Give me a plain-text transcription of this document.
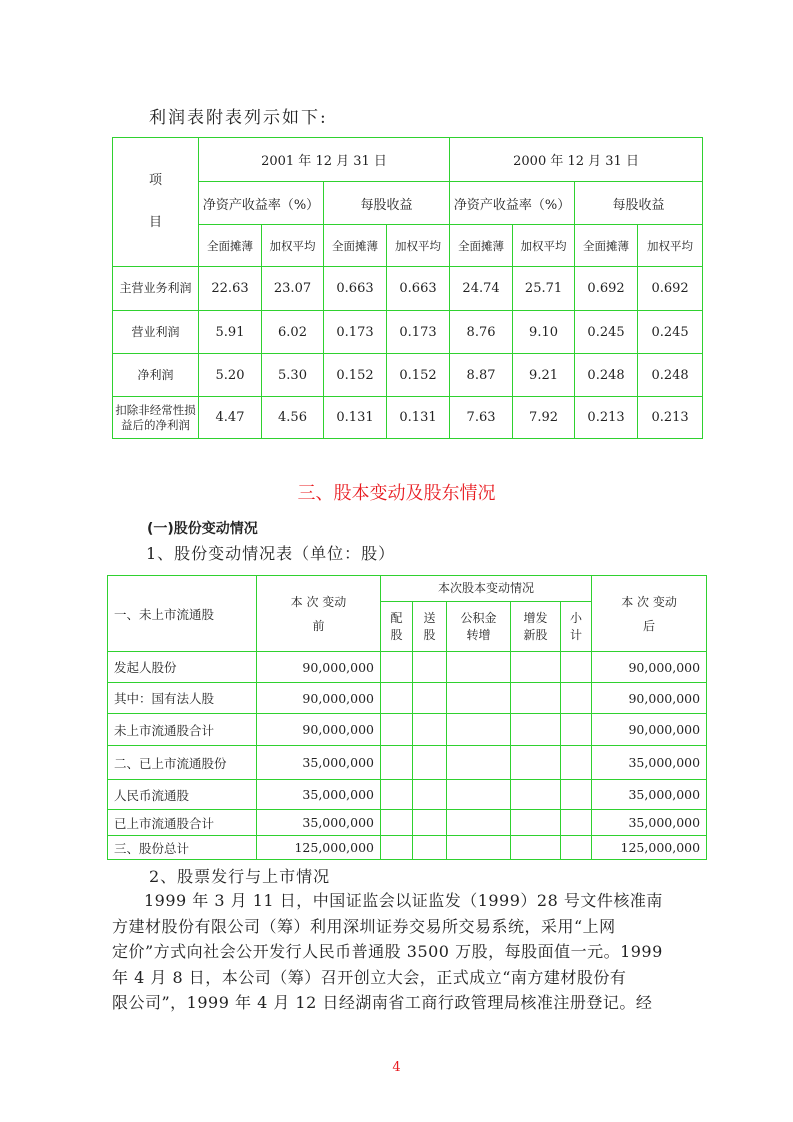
利润表附表列示如下:
项
目	2001 年 12 月 31 日				2000 年 12 月 31 日			
	净资产收益率（%）		每股收益		净资产收益率（%）		每股收益	
	全面摊薄	加权平均	全面摊薄	加权平均	全面摊薄	加权平均	全面摊薄	加权平均
主营业务利润	22.63	23.07	0.663	0.663	24.74	25.71	0.692	0.692
营业利润	5.91	6.02	0.173	0.173	8.76	9.10	0.245	0.245
净利润	5.20	5.30	0.152	0.152	8.87	9.21	0.248	0.248
扣除非经常性损益后的净利润	4.47	4.56	0.131	0.131	7.63	7.92	0.213	0.213
三、股本变动及股东情况
(一)股份变动情况
1、股份变动情况表（单位：股）
一、未上市流通股	本 次 变动前	本次股本变动情况					本 次 变动后
		配股	送股	公积金转增	增发新股	小计	
发起人股份	90,000,000						90,000,000
其中：国有法人股	90,000,000						90,000,000
未上市流通股合计	90,000,000						90,000,000
二、已上市流通股份	35,000,000						35,000,000
人民币流通股	35,000,000						35,000,000
已上市流通股合计	35,000,000						35,000,000
三、股份总计	125,000,000						125,000,000
2、股票发行与上市情况
1999 年 3 月 11 日，中国证监会以证监发（1999）28 号文件核准南
方建材股份有限公司（筹）利用深圳证券交易所交易系统，采用“上网
定价”方式向社会公开发行人民币普通股 3500 万股，每股面值一元。1999
年 4 月 8 日，本公司（筹）召开创立大会，正式成立“南方建材股份有
限公司”，1999 年 4 月 12 日经湖南省工商行政管理局核准注册登记。经
4
